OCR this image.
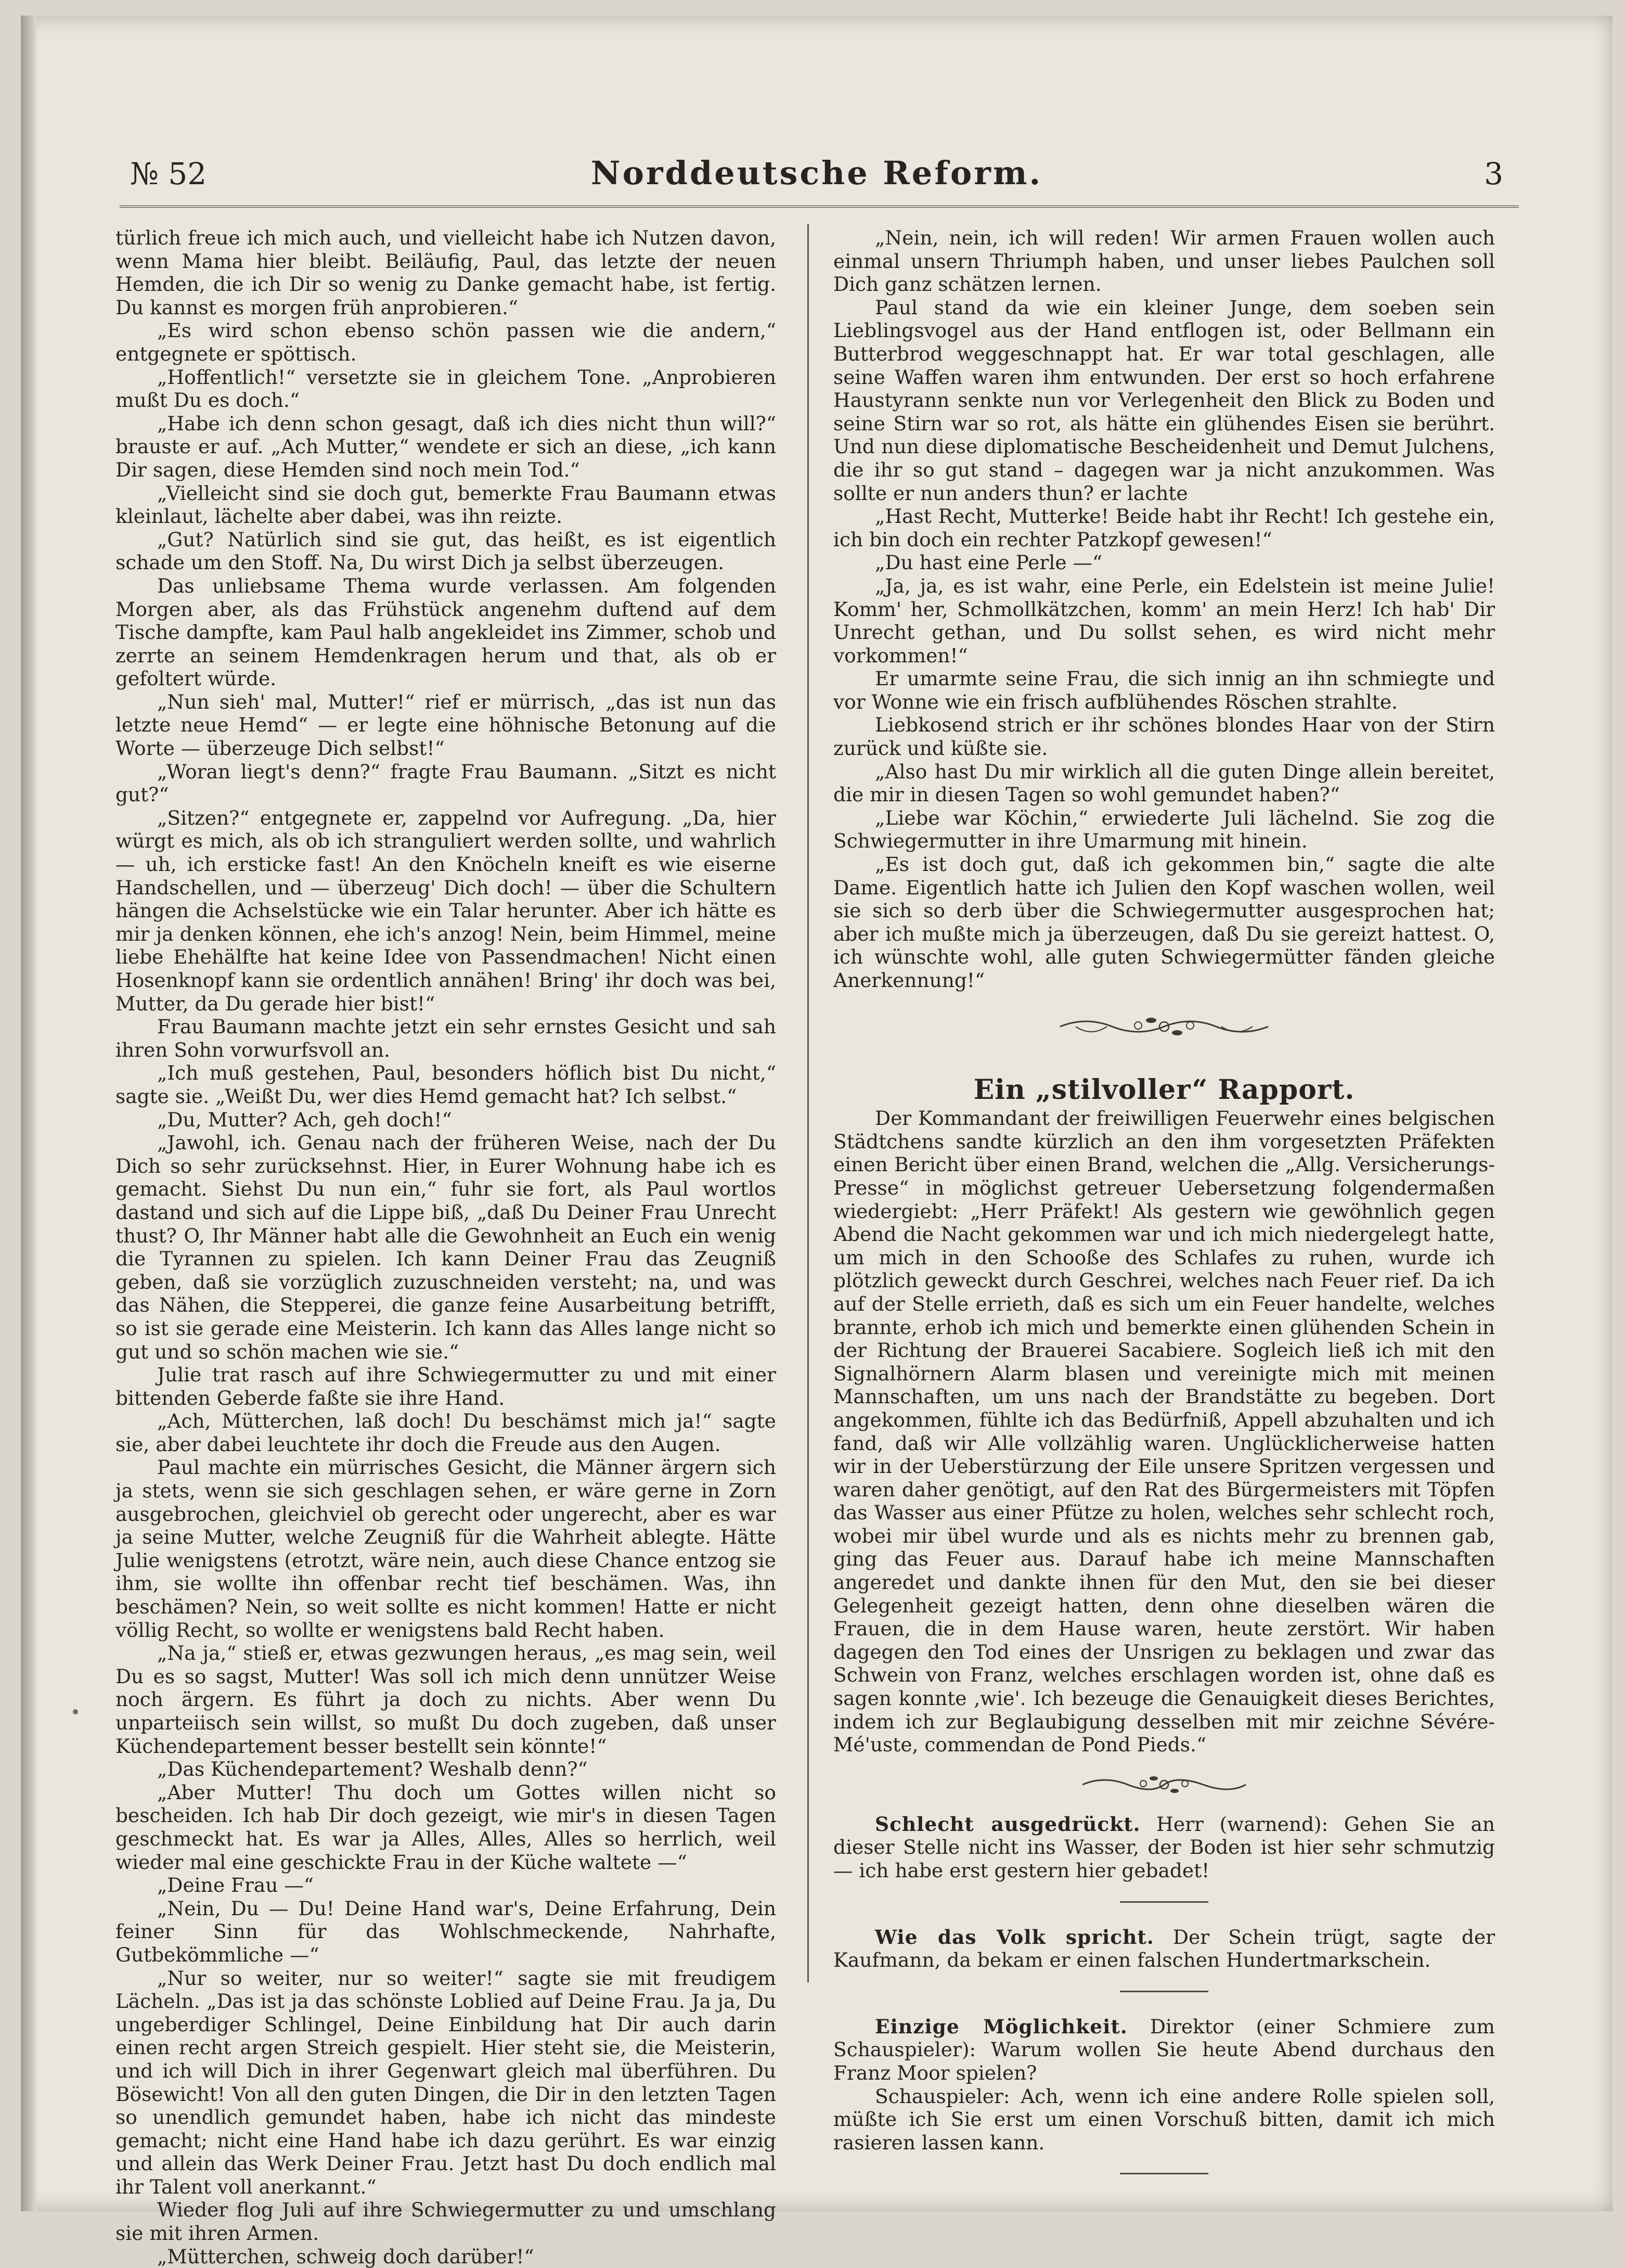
№ 52	Norddeutsche Reform.	3

türlich freue ich mich auch, und vielleicht habe ich Nutzen davon, wenn Mama hier bleibt. Beiläufig, Paul, das letzte der neuen Hemden, die ich Dir so wenig zu Danke gemacht habe, ist fertig. Du kannst es morgen früh anprobieren.“

„Es wird schon ebenso schön passen wie die andern,“ entgegnete er spöttisch.

„Hoffentlich!“ versetzte sie in gleichem Tone. „Anprobieren mußt Du es doch.“

„Habe ich denn schon gesagt, daß ich dies nicht thun will?“ brauste er auf. „Ach Mutter,“ wendete er sich an diese, „ich kann Dir sagen, diese Hemden sind noch mein Tod.“

„Vielleicht sind sie doch gut, bemerkte Frau Baumann etwas kleinlaut, lächelte aber dabei, was ihn reizte.

„Gut? Natürlich sind sie gut, das heißt, es ist eigentlich schade um den Stoff. Na, Du wirst Dich ja selbst überzeugen.

Das unliebsame Thema wurde verlassen. Am folgenden Morgen aber, als das Frühstück angenehm duftend auf dem Tische dampfte, kam Paul halb angekleidet ins Zimmer, schob und zerrte an seinem Hemdenkragen herum und that, als ob er gefoltert würde.

„Nun sieh' mal, Mutter!“ rief er mürrisch, „das ist nun das letzte neue Hemd“ — er legte eine höhnische Betonung auf die Worte — überzeuge Dich selbst!“

„Woran liegt's denn?“ fragte Frau Baumann. „Sitzt es nicht gut?“

„Sitzen?“ entgegnete er, zappelnd vor Aufregung. „Da, hier würgt es mich, als ob ich stranguliert werden sollte, und wahrlich — uh, ich erstickе fast! An den Knöcheln kneift es wie eiserne Handschellen, und — überzeug' Dich doch! — über die Schultern hängen die Achselstücke wie ein Talar herunter. Aber ich hätte es mir ja denken können, ehe ich's anzog! Nein, beim Himmel, meine liebe Ehehälfte hat keine Idee von Passendmachen! Nicht einen Hosenknopf kann sie ordentlich annähen! Bring' ihr doch was bei, Mutter, da Du gerade hier bist!“

Frau Baumann machte jetzt ein sehr ernstes Gesicht und sah ihren Sohn vorwurfsvoll an.

„Ich muß gestehen, Paul, besonders höflich bist Du nicht,“ sagte sie. „Weißt Du, wer dies Hemd gemacht hat? Ich selbst.“

„Du, Mutter? Ach, geh doch!“

„Jawohl, ich. Genau nach der früheren Weise, nach der Du Dich so sehr zurücksehnst. Hier, in Eurer Wohnung habe ich es gemacht. Siehst Du nun ein,“ fuhr sie fort, als Paul wortlos dastand und sich auf die Lippe biß, „daß Du Deiner Frau Unrecht thust? O, Ihr Männer habt alle die Gewohnheit an Euch ein wenig die Tyrannen zu spielen. Ich kann Deiner Frau das Zeugniß geben, daß sie vorzüglich zuzuschneiden versteht; na, und was das Nähen, die Stepperei, die ganze feine Ausarbeitung betrifft, so ist sie gerade eine Meisterin. Ich kann das Alles lange nicht so gut und so schön machen wie sie.“

Julie trat rasch auf ihre Schwiegermutter zu und mit einer bittenden Geberde faßte sie ihre Hand.

„Ach, Mütterchen, laß doch! Du beschämst mich ja!“ sagte sie, aber dabei leuchtete ihr doch die Freude aus den Augen.

Paul machte ein mürrisches Gesicht, die Männer ärgern sich ja stets, wenn sie sich geschlagen sehen, er wäre gerne in Zorn ausgebrochen, gleichviel ob gerecht oder ungerecht, aber es war ja seine Mutter, welche Zeugniß für die Wahrheit ablegte. Hätte Julie wenigstens (etrotzt, wäre nein, auch diese Chance entzog sie ihm, sie wollte ihn offenbar recht tief beschämen. Was, ihn beschämen? Nein, so weit sollte es nicht kommen! Hatte er nicht völlig Recht, so wollte er wenigstens bald Recht haben.

„Na ja,“ stieß er, etwas gezwungen heraus, „es mag sein, weil Du es so sagst, Mutter! Was soll ich mich denn unnützer Weise noch ärgern. Es führt ja doch zu nichts. Aber wenn Du unparteiisch sein willst, so mußt Du doch zugeben, daß unser Küchendepartement besser bestellt sein könnte!“

„Das Küchendepartement? Weshalb denn?“

„Aber Mutter! Thu doch um Gottes willen nicht so bescheiden. Ich hab Dir doch gezeigt, wie mir's in diesen Tagen geschmeckt hat. Es war ja Alles, Alles, Alles so herrlich, weil wieder mal eine geschickte Frau in der Küche waltete —“

„Deine Frau —“

„Nein, Du — Du! Deine Hand war's, Deine Erfahrung, Dein feiner Sinn für das Wohlschmeckende, Nahrhafte, Gutbekömmliche —“

„Nur so weiter, nur so weiter!“ sagte sie mit freudigem Lächeln. „Das ist ja das schönste Loblied auf Deine Frau. Ja ja, Du ungeberdiger Schlingel, Deine Einbildung hat Dir auch darin einen recht argen Streich gespielt. Hier steht sie, die Meisterin, und ich will Dich in ihrer Gegenwart gleich mal überführen. Du Bösewicht! Von all den guten Dingen, die Dir in den letzten Tagen so unendlich gemundet haben, habe ich nicht das mindeste gemacht; nicht eine Hand habe ich dazu gerührt. Es war einzig und allein das Werk Deiner Frau. Jetzt hast Du doch endlich mal ihr Talent voll anerkannt.“

Wieder flog Juli auf ihre Schwiegermutter zu und umschlang sie mit ihren Armen.

„Mütterchen, schweig doch darüber!“

„Nein, nein, ich will reden! Wir armen Frauen wollen auch einmal unsern Thriumph haben, und unser liebes Paulchen soll Dich ganz schätzen lernen.

Paul stand da wie ein kleiner Junge, dem soeben sein Lieblingsvogel aus der Hand entflogen ist, oder Bellmann ein Butterbrod weggeschnappt hat. Er war total geschlagen, alle seine Waffen waren ihm entwunden. Der erst so hoch erfahrene Haustyrann senkte nun vor Verlegenheit den Blick zu Boden und seine Stirn war so rot, als hätte ein glühendes Eisen sie berührt. Und nun diese diplomatische Bescheidenheit und Demut Julchens, die ihr so gut stand – dagegen war ja nicht anzukommen. Was sollte er nun anders thun? er lachte

„Hast Recht, Mutterke! Beide habt ihr Recht! Ich gestehe ein, ich bin doch ein rechter Patzkopf gewesen!“

„Du hast eine Perle —“

„Ja, ja, es ist wahr, eine Perle, ein Edelstein ist meine Julie! Komm' her, Schmollkätzchen, komm' an mein Herz! Ich hab' Dir Unrecht gethan, und Du sollst sehen, es wird nicht mehr vorkommen!“

Er umarmte seine Frau, die sich innig an ihn schmiegte und vor Wonne wie ein frisch aufblühendes Röschen strahlte.

Liebkosend strich er ihr schönes blondes Haar von der Stirn zurück und küßte sie.

„Also hast Du mir wirklich all die guten Dinge allein bereitet, die mir in diesen Tagen so wohl gemundet haben?“

„Liebe war Köchin,“ erwiederte Juli lächelnd. Sie zog die Schwiegermutter in ihre Umarmung mit hinein.

„Es ist doch gut, daß ich gekommen bin,“ sagte die alte Dame. Eigentlich hatte ich Julien den Kopf waschen wollen, weil sie sich so derb über die Schwiegermutter ausgesprochen hat; aber ich mußte mich ja überzeugen, daß Du sie gereizt hattest. O, ich wünschte wohl, alle guten Schwiegermütter fänden gleiche Anerkennung!“

Ein „stilvoller“ Rapport.

Der Kommandant der freiwilligen Feuerwehr eines belgischen Städtchens sandte kürzlich an den ihm vorgesetzten Präfekten einen Bericht über einen Brand, welchen die „Allg. Versicherungs-Presse“ in möglichst getreuer Uebersetzung folgendermaßen wiedergiebt: „Herr Präfekt! Als gestern wie gewöhnlich gegen Abend die Nacht gekommen war und ich mich niedergelegt hatte, um mich in den Schooße des Schlafes zu ruhen, wurde ich plötzlich geweckt durch Geschrei, welches nach Feuer rief. Da ich auf der Stelle errieth, daß es sich um ein Feuer handelte, welches brannte, erhob ich mich und bemerkte einen glühenden Schein in der Richtung der Brauerei Sacabiere. Sogleich ließ ich mit den Signalhörnern Alarm blasen und vereinigte mich mit meinen Mannschaften, um uns nach der Brandstätte zu begeben. Dort angekommen, fühlte ich das Bedürfniß, Appell abzuhalten und ich fand, daß wir Alle vollzählig waren. Unglücklicherweise hatten wir in der Ueberstürzung der Eile unsere Spritzen vergessen und waren daher genötigt, auf den Rat des Bürgermeisters mit Töpfen das Wasser aus einer Pfütze zu holen, welches sehr schlecht roch, wobei mir übel wurde und als es nichts mehr zu brennen gab, ging das Feuer aus. Darauf habe ich meine Mannschaften angeredet und dankte ihnen für den Mut, den sie bei dieser Gelegenheit gezeigt hatten, denn ohne dieselben wären die Frauen, die in dem Hause waren, heute zerstört. Wir haben dagegen den Tod eines der Unsrigen zu beklagen und zwar das Schwein von Franz, welches erschlagen worden ist, ohne daß es sagen konnte ‚wie'. Ich bezeuge die Genauigkeit dieses Berichtes, indem ich zur Beglaubigung desselben mit mir zeichne Sévére-Mé'uste, commendan de Pond Pieds.“

Schlecht ausgedrückt. Herr (warnend): Gehen Sie an dieser Stelle nicht ins Wasser, der Boden ist hier sehr schmutzig — ich habe erst gestern hier gebadet!

Wie das Volk spricht. Der Schein trügt, sagte der Kaufmann, da bekam er einen falschen Hundertmarkschein.

Einzige Möglichkeit. Direktor (einer Schmiere zum Schauspieler): Warum wollen Sie heute Abend durchaus den Franz Moor spielen?

Schauspieler: Ach, wenn ich eine andere Rolle spielen soll, müßte ich Sie erst um einen Vorschuß bitten, damit ich mich rasieren lassen kann.
